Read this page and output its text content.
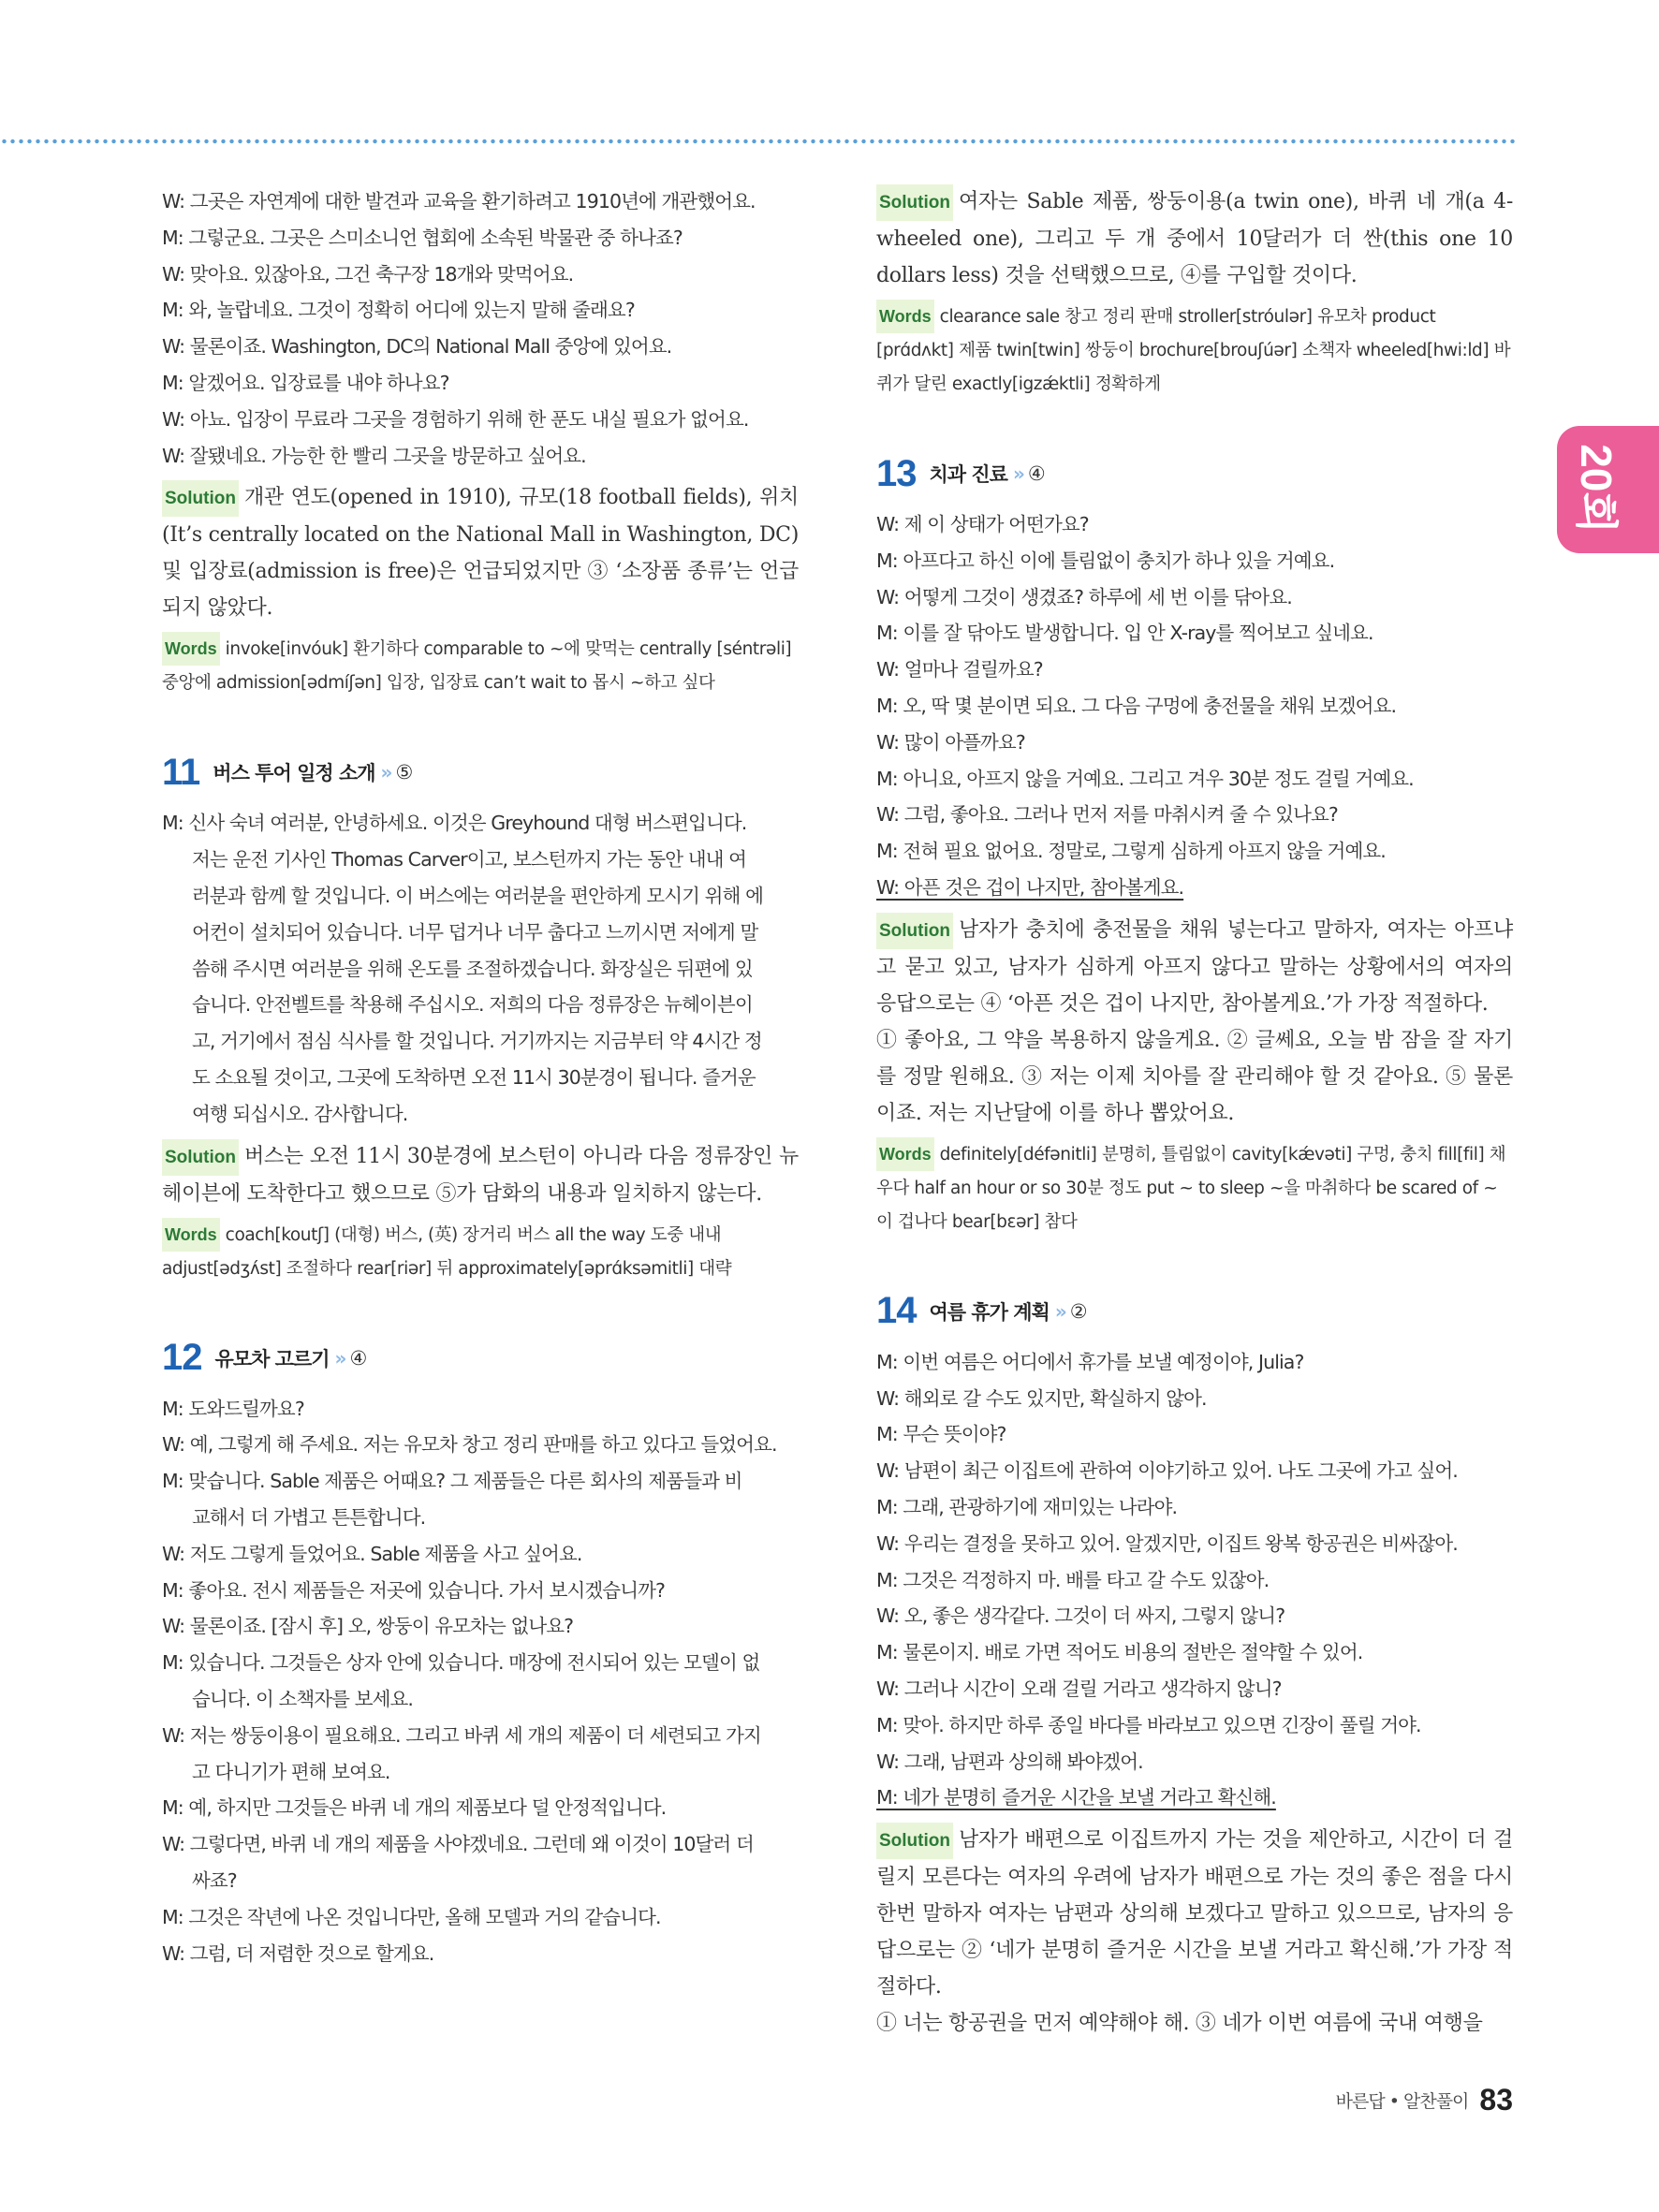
20회
W: 그곳은 자연계에 대한 발견과 교육을 환기하려고 1910년에 개관했어요.
M: 그렇군요. 그곳은 스미소니언 협회에 소속된 박물관 중 하나죠?
W: 맞아요. 있잖아요, 그건 축구장 18개와 맞먹어요.
M: 와, 놀랍네요. 그것이 정확히 어디에 있는지 말해 줄래요?
W: 물론이죠. Washington, DC의 National Mall 중앙에 있어요.
M: 알겠어요. 입장료를 내야 하나요?
W: 아뇨. 입장이 무료라 그곳을 경험하기 위해 한 푼도 내실 필요가 없어요.
W: 잘됐네요. 가능한 한 빨리 그곳을 방문하고 싶어요.
Solution 개관 연도(opened in 1910), 규모(18 football fields), 위치(It’s centrally located on the National Mall in Washington, DC) 및 입장료(admission is free)은 언급되었지만 ③ ‘소장품 종류’는 언급되지 않았다.
Words invoke[invóuk] 환기하다 comparable to ~에 맞먹는 centrally [séntrəli] 중앙에 admission[ədmíʃən] 입장, 입장료 can’t wait to 몹시 ~하고 싶다
11 버스 투어 일정 소개 » ⑤
M: 신사 숙녀 여러분, 안녕하세요. 이것은 Greyhound 대형 버스편입니다.
저는 운전 기사인 Thomas Carver이고, 보스턴까지 가는 동안 내내 여
러분과 함께 할 것입니다. 이 버스에는 여러분을 편안하게 모시기 위해 에
어컨이 설치되어 있습니다. 너무 덥거나 너무 춥다고 느끼시면 저에게 말
씀해 주시면 여러분을 위해 온도를 조절하겠습니다. 화장실은 뒤편에 있
습니다. 안전벨트를 착용해 주십시오. 저희의 다음 정류장은 뉴헤이븐이
고, 거기에서 점심 식사를 할 것입니다. 거기까지는 지금부터 약 4시간 정
도 소요될 것이고, 그곳에 도착하면 오전 11시 30분경이 됩니다. 즐거운
여행 되십시오. 감사합니다.
Solution 버스는 오전 11시 30분경에 보스턴이 아니라 다음 정류장인 뉴헤이븐에 도착한다고 했으므로 ⑤가 담화의 내용과 일치하지 않는다.
Words coach[koutʃ] (대형) 버스, (英) 장거리 버스 all the way 도중 내내 adjust[ədʒʌ́st] 조절하다 rear[riər] 뒤 approximately[əprɑ́ksəmitli] 대략
12 유모차 고르기 » ④
M: 도와드릴까요?
W: 예, 그렇게 해 주세요. 저는 유모차 창고 정리 판매를 하고 있다고 들었어요.
M: 맞습니다. Sable 제품은 어때요? 그 제품들은 다른 회사의 제품들과 비
교해서 더 가볍고 튼튼합니다.
W: 저도 그렇게 들었어요. Sable 제품을 사고 싶어요.
M: 좋아요. 전시 제품들은 저곳에 있습니다. 가서 보시겠습니까?
W: 물론이죠. [잠시 후] 오, 쌍둥이 유모차는 없나요?
M: 있습니다. 그것들은 상자 안에 있습니다. 매장에 전시되어 있는 모델이 없
습니다. 이 소책자를 보세요.
W: 저는 쌍둥이용이 필요해요. 그리고 바퀴 세 개의 제품이 더 세련되고 가지
고 다니기가 편해 보여요.
M: 예, 하지만 그것들은 바퀴 네 개의 제품보다 덜 안정적입니다.
W: 그렇다면, 바퀴 네 개의 제품을 사야겠네요. 그런데 왜 이것이 10달러 더
싸죠?
M: 그것은 작년에 나온 것입니다만, 올해 모델과 거의 같습니다.
W: 그럼, 더 저렴한 것으로 할게요.
Solution 여자는 Sable 제품, 쌍둥이용(a twin one), 바퀴 네 개(a 4-wheeled one), 그리고 두 개 중에서 10달러가 더 싼(this one 10 dollars less) 것을 선택했으므로, ④를 구입할 것이다.
Words clearance sale 창고 정리 판매 stroller[stróulər] 유모차 product [prɑ́dʌkt] 제품 twin[twin] 쌍둥이 brochure[brouʃúər] 소책자 wheeled[hwi:ld] 바퀴가 달린 exactly[igzǽktli] 정확하게
13 치과 진료 » ④
W: 제 이 상태가 어떤가요?
M: 아프다고 하신 이에 틀림없이 충치가 하나 있을 거예요.
W: 어떻게 그것이 생겼죠? 하루에 세 번 이를 닦아요.
M: 이를 잘 닦아도 발생합니다. 입 안 X-ray를 찍어보고 싶네요.
W: 얼마나 걸릴까요?
M: 오, 딱 몇 분이면 되요. 그 다음 구멍에 충전물을 채워 보겠어요.
W: 많이 아플까요?
M: 아니요, 아프지 않을 거예요. 그리고 겨우 30분 정도 걸릴 거예요.
W: 그럼, 좋아요. 그러나 먼저 저를 마취시켜 줄 수 있나요?
M: 전혀 필요 없어요. 정말로, 그렇게 심하게 아프지 않을 거예요.
W: 아픈 것은 겁이 나지만, 참아볼게요.
Solution 남자가 충치에 충전물을 채워 넣는다고 말하자, 여자는 아프냐고 묻고 있고, 남자가 심하게 아프지 않다고 말하는 상황에서의 여자의 응답으로는 ④ ‘아픈 것은 겁이 나지만, 참아볼게요.’가 가장 적절하다.
① 좋아요, 그 약을 복용하지 않을게요. ② 글쎄요, 오늘 밤 잠을 잘 자기를 정말 원해요. ③ 저는 이제 치아를 잘 관리해야 할 것 같아요. ⑤ 물론이죠. 저는 지난달에 이를 하나 뽑았어요.
Words definitely[défənitli] 분명히, 틀림없이 cavity[kǽvəti] 구멍, 충치 fill[fil] 채우다 half an hour or so 30분 정도 put ~ to sleep ~을 마취하다 be scared of ~이 겁나다 bear[bɛər] 참다
14 여름 휴가 계획 » ②
M: 이번 여름은 어디에서 휴가를 보낼 예정이야, Julia?
W: 해외로 갈 수도 있지만, 확실하지 않아.
M: 무슨 뜻이야?
W: 남편이 최근 이집트에 관하여 이야기하고 있어. 나도 그곳에 가고 싶어.
M: 그래, 관광하기에 재미있는 나라야.
W: 우리는 결정을 못하고 있어. 알겠지만, 이집트 왕복 항공권은 비싸잖아.
M: 그것은 걱정하지 마. 배를 타고 갈 수도 있잖아.
W: 오, 좋은 생각같다. 그것이 더 싸지, 그렇지 않니?
M: 물론이지. 배로 가면 적어도 비용의 절반은 절약할 수 있어.
W: 그러나 시간이 오래 걸릴 거라고 생각하지 않니?
M: 맞아. 하지만 하루 종일 바다를 바라보고 있으면 긴장이 풀릴 거야.
W: 그래, 남편과 상의해 봐야겠어.
M: 네가 분명히 즐거운 시간을 보낼 거라고 확신해.
Solution 남자가 배편으로 이집트까지 가는 것을 제안하고, 시간이 더 걸릴지 모른다는 여자의 우려에 남자가 배편으로 가는 것의 좋은 점을 다시 한번 말하자 여자는 남편과 상의해 보겠다고 말하고 있으므로, 남자의 응답으로는 ② ‘네가 분명히 즐거운 시간을 보낼 거라고 확신해.’가 가장 적절하다.
① 너는 항공권을 먼저 예약해야 해. ③ 네가 이번 여름에 국내 여행을
바른답 • 알찬풀이 83
